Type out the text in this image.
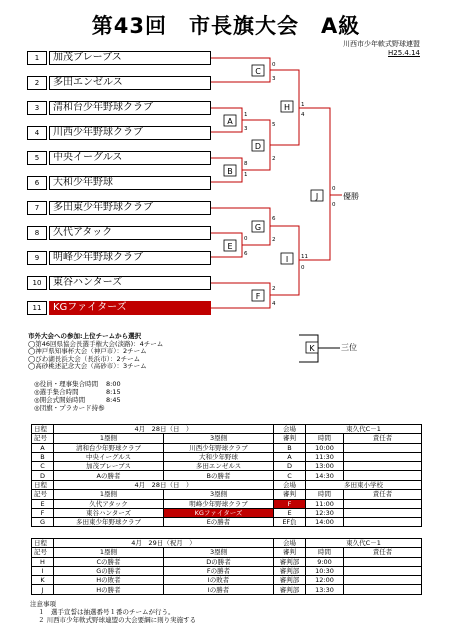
第43回　市長旗大会　A級
川西市少年軟式野球連盟
H25.4.14
1	加茂ブレーブス
2	多田エンゼルス
3	清和台少年野球クラブ
4	川西少年野球クラブ
5	中央イーグルス
6	大和少年野球
7	多田東少年野球クラブ
8	久代アタック
9	明峰少年野球クラブ
10	東谷ハンターズ
11	KGファイターズ
A
B
C
D
E
F
G
H
I
J
K
1
3
8
1
0
3
5
2
0
6
2
4
6
2
1
4
11
0
0
0
優勝
三位
市外大会への参加:上位チームから選択
◯第46回県協会長選手権大会(淡路)：4チーム
◯神戸県知事杯大会（神戸市）：2チーム
◯びわ湖長浜大会（長浜市）：2チーム
◯高砂桃述記念大会（高砂市）：3チーム
◎役員・理事集合時間 8:00
◎選手集合時間	8:15
◎開会式開始時間	8:45
◎団旗・プラカード持参
日程	4月　28日（日　）		会場	東久代C－1	
記号	1塁側	3塁側	審判	時間	責任者
A	清和台少年野球クラブ	川西少年野球クラブ	B	10:00	
B	中央イーグルス	大和少年野球	A	11:30	
C	加茂ブレーブス	多田エンゼルス	D	13:00	
D	Aの勝者	Bの勝者	C	14:30	
日程	4月　28日（日　）		会場	多田東小学校	
記号	1塁側	3塁側	審判	時間	責任者
E	久代アタック	明峰少年野球クラブ	F	11:00	
F	東谷ハンターズ	KGファイターズ	E	12:30	
G	多田東少年野球クラブ	Eの勝者	EF負	14:00	
日程	4月　29日（祝月　）		会場	東久代C－1	
記号	1塁側	3塁側	審判	時間	責任者
H	Cの勝者	Dの勝者	審判部	9:00	
I	Gの勝者	Fの勝者	審判部	10:30	
K	Hの敗者	Iの敗者	審判部	12:00	
J	Hの勝者	Iの勝者	審判部	13:30	
注意事項
１　選手宣誓は抽選番号１番のチームが行う。
２ 川西市少年軟式野球連盟の大会要綱に則り実施する
